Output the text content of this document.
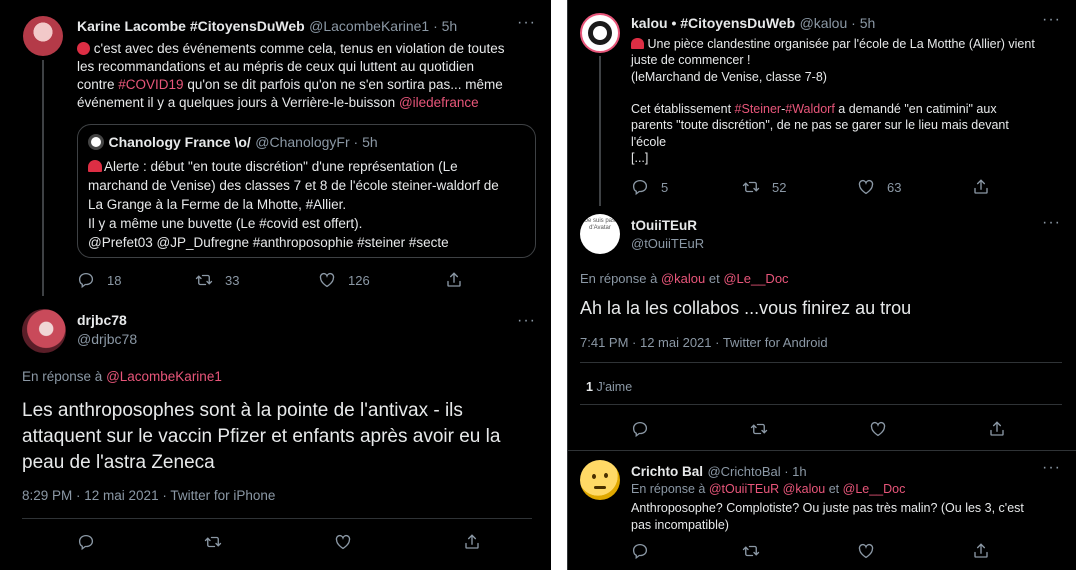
Karine Lacombe #CitoyensDuWeb @LacombeKarine1 · 5h	···
c'est avec des événements comme cela, tenus en violation de toutes
les recommandations et au mépris de ceux qui luttent au quotidien
contre #COVID19 qu'on se dit parfois qu'on ne s'en sortira pas... même
événement il y a quelques jours à Verrière-le-buisson @iledefrance
Chanology France \o/ @ChanologyFr · 5h
Alerte : début "en toute discrétion" d'une représentation (Le
marchand de Venise) des classes 7 et 8 de l'école steiner-waldorf de
La Grange à la Ferme de la Mhotte, #Allier.
Il y a même une buvette (Le #covid est offert).
@Prefet03 @JP_Dufregne #anthroposophie #steiner #secte
18	33	126
drjbc78
@drjbc78
···
En réponse à @LacombeKarine1
Les anthroposophes sont à la pointe de l'antivax - ils
attaquent sur le vaccin Pfizer et enfants après avoir eu la
peau de l'astra Zeneca
8:29 PM · 12 mai 2021 · Twitter for iPhone
kalou • #CitoyensDuWeb @kalou · 5h	···
Une pièce clandestine organisée par l'école de La Motthe (Allier) vient
juste de commencer !
(leMarchand de Venise, classe 7-8)

Cet établissement #Steiner-#Waldorf a demandé "en catimini" aux
parents "toute discrétion", de ne pas se garer sur le lieu mais devant
l'école
[...]
5	52	63
Je suis pas d'Avatar	tOuiiTEuR
@tOuiiTEuR
···
En réponse à @kalou et @Le__Doc
Ah la la les collabos ...vous finirez au trou
7:41 PM · 12 mai 2021 · Twitter for Android
1 J'aime
Crichto Bal @CrichtoBal · 1h	···
En réponse à @tOuiiTEuR @kalou et @Le__Doc
Anthroposophe? Complotiste? Ou juste pas très malin? (Ou les 3, c'est
pas incompatible)
